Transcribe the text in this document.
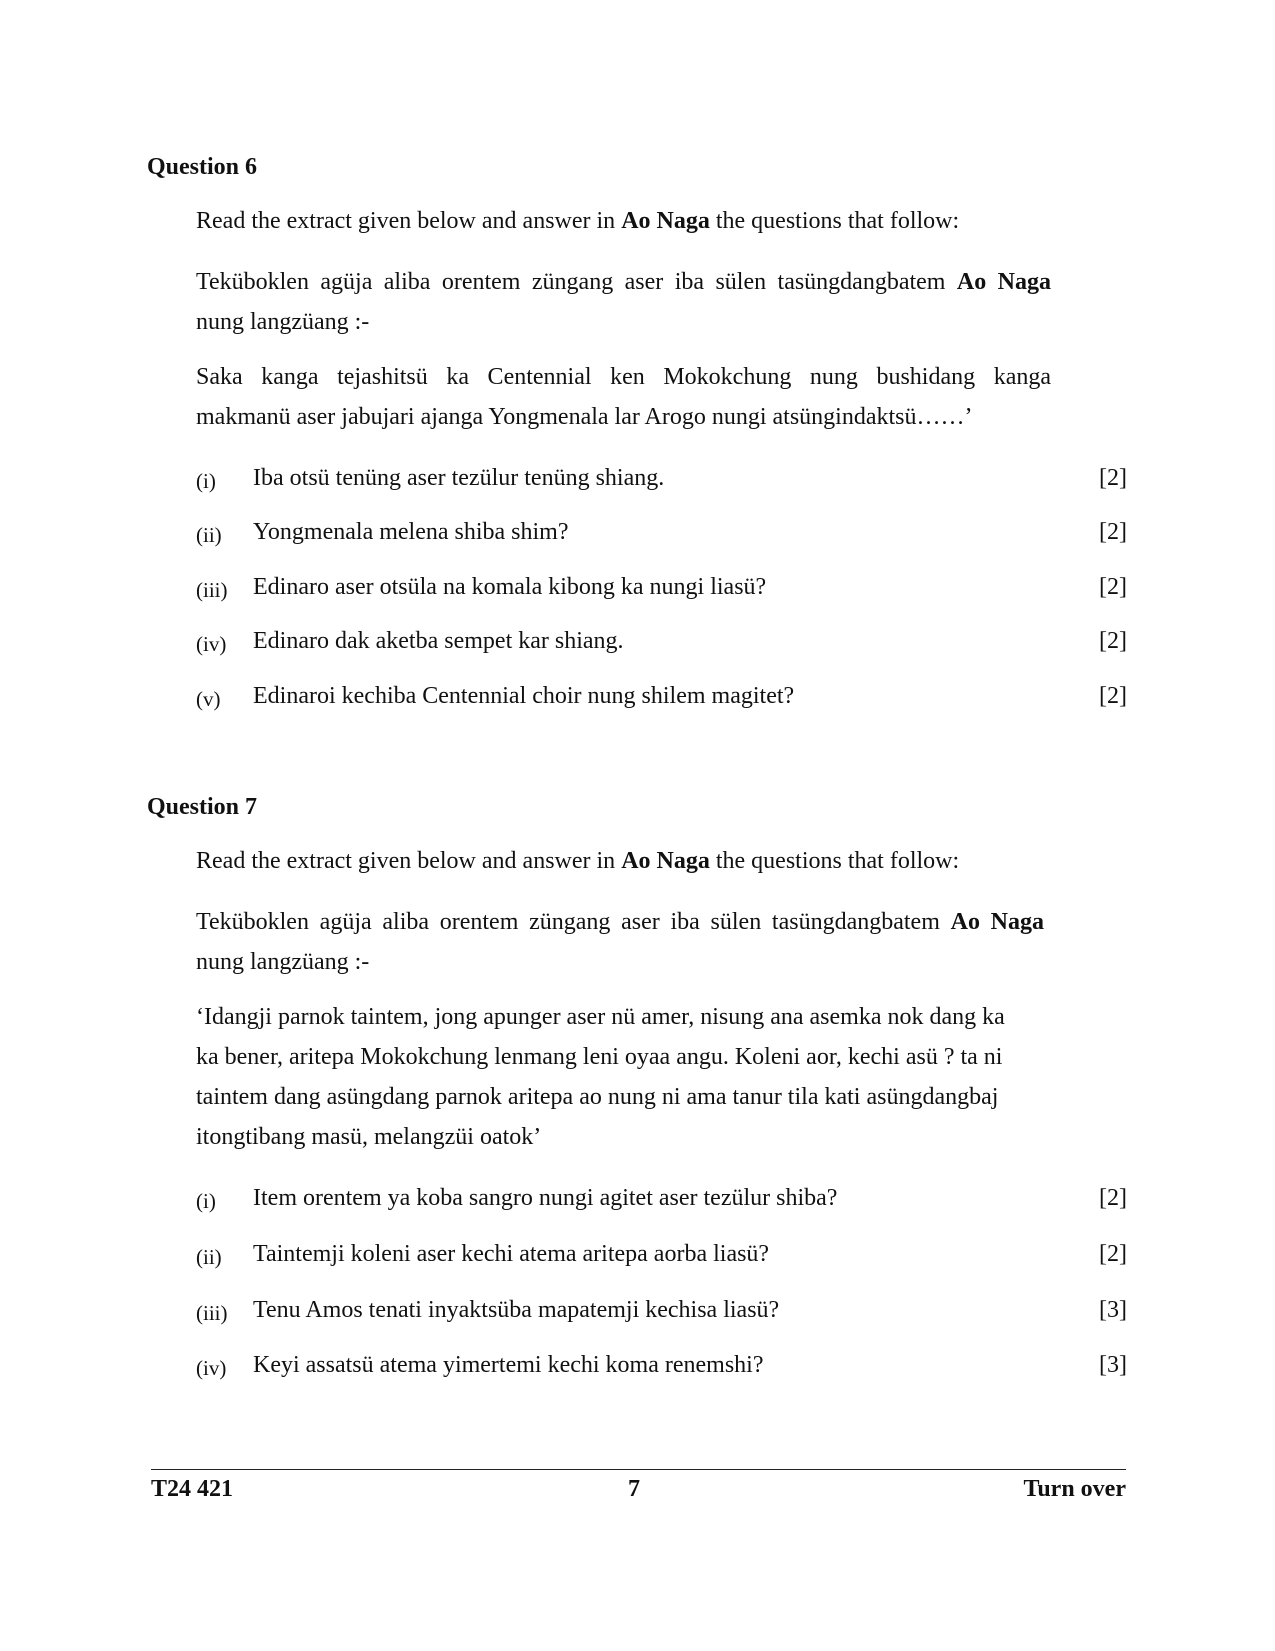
Question 6
Read the extract given below and answer in Ao Naga the questions that follow:
Teküboklen agüja aliba orentem züngang aser iba sülen tasüngdangbatem Ao Naga
nung langzüang :-
Saka kanga tejashitsü ka Centennial ken Mokokchung nung bushidang kanga
makmanü aser jabujari ajanga Yongmenala lar Arogo nungi atsüngindaktsü……’
(i) Iba otsü tenüng aser tezülur tenüng shiang.	[2]
(ii) Yongmenala melena shiba shim?	[2]
(iii) Edinaro aser otsüla na komala kibong ka nungi liasü?	[2]
(iv) Edinaro dak aketba sempet kar shiang.	[2]
(v) Edinaroi kechiba Centennial choir nung shilem magitet?	[2]
Question 7
Read the extract given below and answer in Ao Naga the questions that follow:
Teküboklen agüja aliba orentem züngang aser iba sülen tasüngdangbatem Ao Naga
nung langzüang :-
‘Idangji parnok taintem, jong apunger aser nü amer, nisung ana asemka nok dang ka
ka bener, aritepa Mokokchung lenmang leni oyaa angu. Koleni aor, kechi asü ? ta ni
taintem dang asüngdang parnok aritepa ao nung ni ama tanur tila kati asüngdangbaj
itongtibang masü, melangzüi oatok’
(i) Item orentem ya koba sangro nungi agitet aser tezülur shiba?	[2]
(ii) Taintemji koleni aser kechi atema aritepa aorba liasü?	[2]
(iii) Tenu Amos tenati inyaktsüba mapatemji kechisa liasü?	[3]
(iv) Keyi assatsü atema yimertemi kechi koma renemshi?	[3]
T24 421	7	Turn over
